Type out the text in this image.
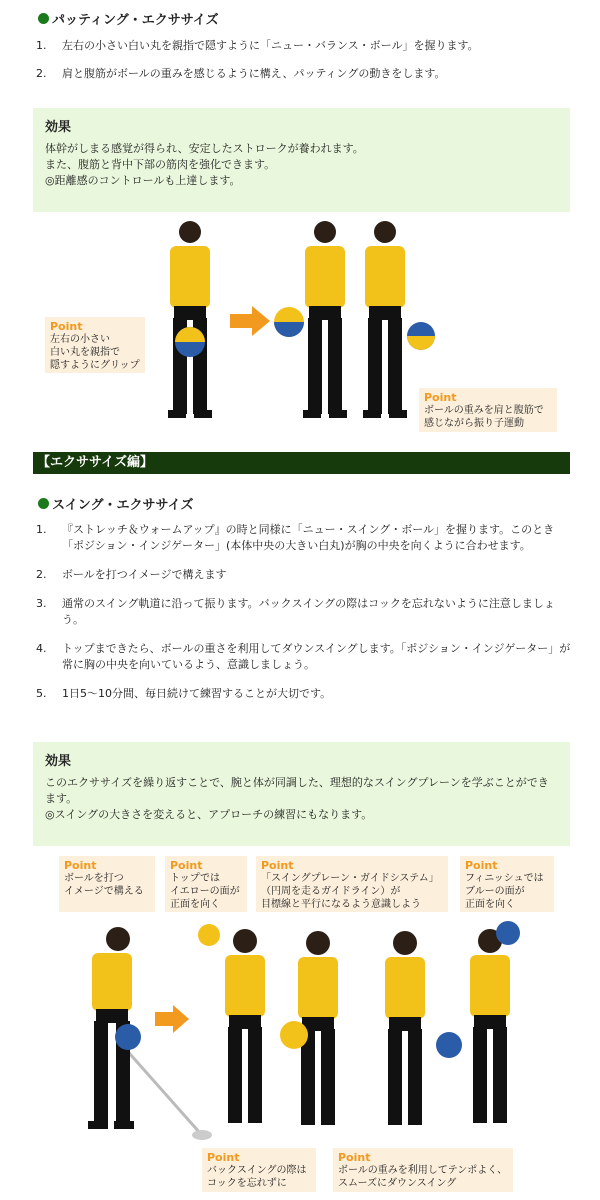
パッティング・エクササイズ
1.	左右の小さい白い丸を親指で隠すように「ニュー・バランス・ボール」を握ります。
2.	肩と腹筋がボールの重みを感じるように構え、パッティングの動きをします。
効果

体幹がしまる感覚が得られ、安定したストロークが養われます。

また、腹筋と背中下部の筋肉を強化できます。

◎距離感のコントロールも上達します。

Point
左右の小さい
白い丸を親指で
隠すようにグリップ
Point
ボールの重みを肩と腹筋で
感じながら振り子運動
【エクササイズ編】
スイング・エクササイズ
1.	『ストレッチ＆ウォームアップ』の時と同様に「ニュー・スイング・ボール」を握ります。このとき「ポジション・インジゲーター」(本体中央の大きい白丸)が胸の中央を向くように合わせます。
2.	ボールを打つイメージで構えます
3.	通常のスイング軌道に沿って振ります。バックスイングの際はコックを忘れないように注意しましょう。
4.	トップまできたら、ボールの重さを利用してダウンスイングします。「ポジション・インジゲーター」が常に胸の中央を向いているよう、意識しましょう。
5.	1日5〜10分間、毎日続けて練習することが大切です。
効果

このエクササイズを繰り返すことで、腕と体が同調した、理想的なスイングプレーンを学ぶことができます。

◎スイングの大きさを変えると、アプローチの練習にもなります。

Point
ボールを打つ
イメージで構える
Point
トップでは
イエローの面が
正面を向く
Point
「スイングプレーン・ガイドシステム」
（円周を走るガイドライン）が
目標線と平行になるよう意識しよう
Point
フィニッシュでは
ブルーの面が
正面を向く
Point
バックスイングの際は
コックを忘れずに
Point
ボールの重みを利用してテンポよく、
スムーズにダウンスイング
